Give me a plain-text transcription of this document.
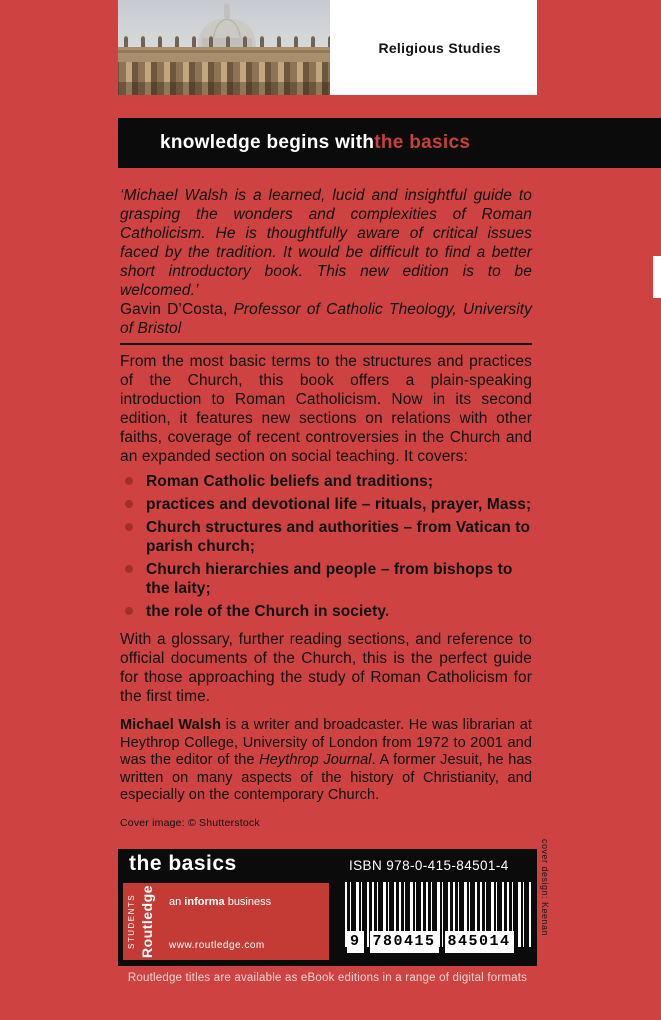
Religious Studies
knowledge begins with the basics

‘Michael Walsh is a learned, lucid and insightful guide to grasping the wonders and complexities of Roman Catholicism. He is thoughtfully aware of critical issues faced by the tradition. It would be difficult to find a better short introductory book. This new edition is to be welcomed.’

Gavin D’Costa, Professor of Catholic Theology, University of Bristol

From the most basic terms to the structures and practices of the Church, this book offers a plain-speaking introduction to Roman Catholicism. Now in its second edition, it features new sections on relations with other faiths, coverage of recent controversies in the Church and an expanded section on social teaching. It covers:

Roman Catholic beliefs and traditions;
practices and devotional life – rituals, prayer, Mass;
Church structures and authorities – from Vatican to parish church;
Church hierarchies and people – from bishops to the laity;
the role of the Church in society.

With a glossary, further reading sections, and reference to official documents of the Church, this is the perfect guide for those approaching the study of Roman Catholicism for the first time.

Michael Walsh is a writer and broadcaster. He was librarian at Heythrop College, University of London from 1972 to 2001 and was the editor of the Heythrop Journal. A former Jesuit, he has written on many aspects of the history of Christianity, and especially on the contemporary Church.

Cover image: © Shutterstock

the basics
STUDENTS Routledge an informa business
www.routledge.com
ISBN 978-0-415-84501-4
9 780415 845014
cover design: Keenan
Routledge titles are available as eBook editions in a range of digital formats
